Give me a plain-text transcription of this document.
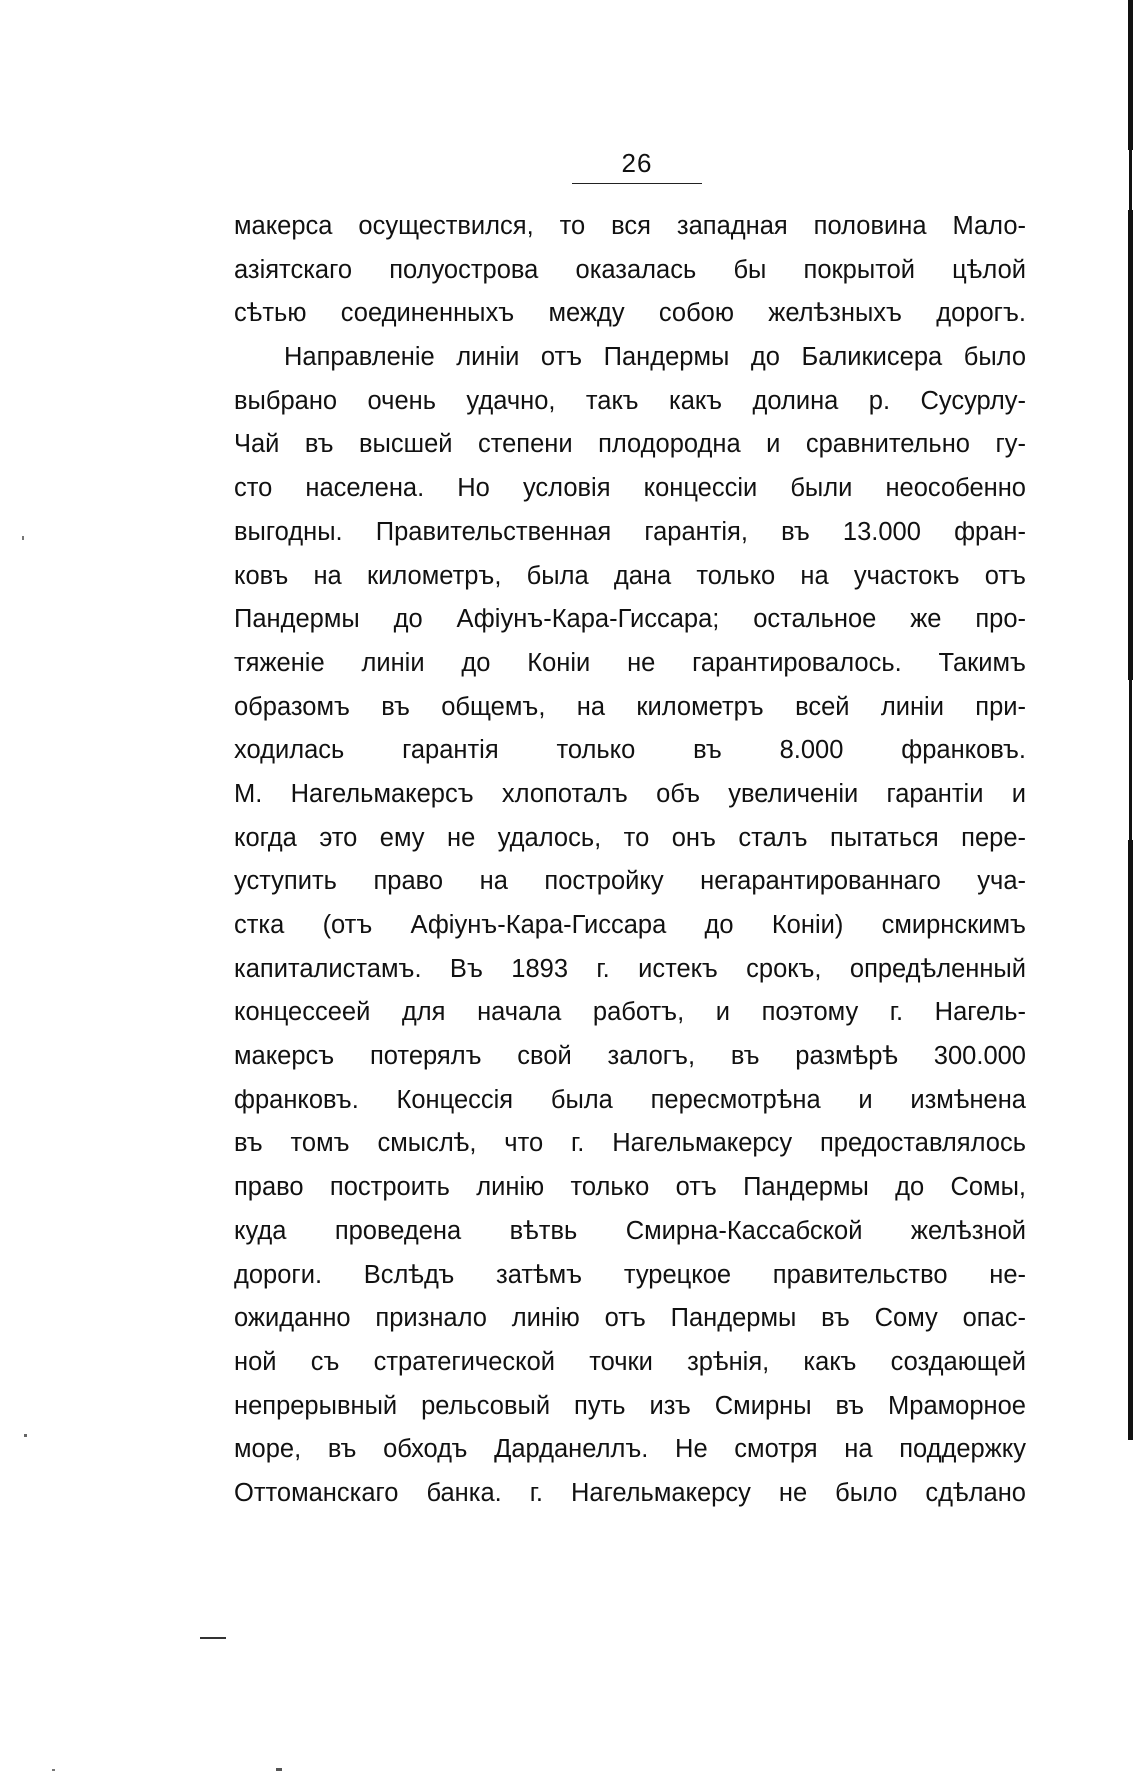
26
макерса осуществился, то вся западная половина Мало-
азіятскаго полуострова оказалась бы покрытой цѣлой
сѣтью соединенныхъ между собою желѣзныхъ дорогъ.
Направленіе линіи отъ Пандермы до Баликисера было
выбрано очень удачно, такъ какъ долина р. Сусурлу-
Чай въ высшей степени плодородна и сравнительно гу-
сто населена. Но условія концессіи были неособенно
выгодны. Правительственная гарантія, въ 13.000 фран-
ковъ на километръ, была дана только на участокъ отъ
Пандермы до Афіунъ-Кара-Гиссара; остальное же про-
тяженіе линіи до Коніи не гарантировалось. Такимъ
образомъ въ общемъ, на километръ всей линіи при-
ходилась гарантія только въ 8.000 франковъ.
М. Нагельмакерсъ хлопоталъ объ увеличеніи гарантіи и
когда это ему не удалось, то онъ сталъ пытаться пере-
уступить право на постройку негарантированнаго уча-
стка (отъ Афіунъ-Кара-Гиссара до Коніи) смирнскимъ
капиталистамъ. Въ 1893 г. истекъ срокъ, опредѣленный
концессеей для начала работъ, и поэтому г. Нагель-
макерсъ потерялъ свой залогъ, въ размѣрѣ 300.000
франковъ. Концессія была пересмотрѣна и измѣнена
въ томъ смыслѣ, что г. Нагельмакерсу предоставлялось
право построить линію только отъ Пандермы до Сомы,
куда проведена вѣтвь Смирна-Кассабской желѣзной
дороги. Вслѣдъ затѣмъ турецкое правительство не-
ожиданно признало линію отъ Пандермы въ Сому опас-
ной съ стратегической точки зрѣнія, какъ создающей
непрерывный рельсовый путь изъ Смирны въ Мраморное
море, въ обходъ Дарданеллъ. Не смотря на поддержку
Оттоманскаго банка. г. Нагельмакерсу не было сдѣлано
